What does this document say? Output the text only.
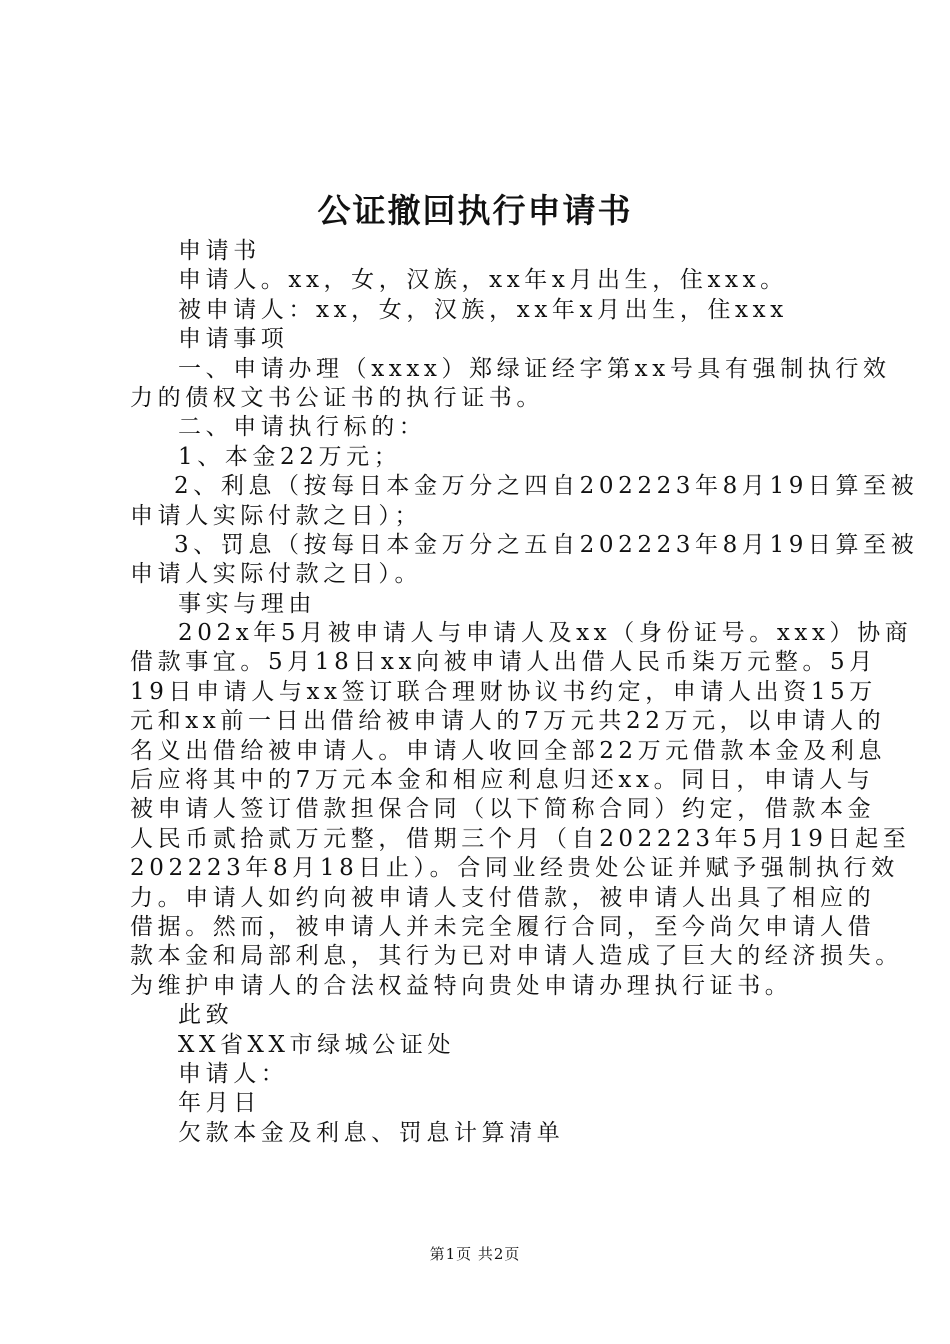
公证撤回执行申请书
申请书
申请人。xx，女，汉族，xx年x月出生，住xxx。
被申请人：xx，女，汉族，xx年x月出生，住xxx
申请事项
一、申请办理（xxxx）郑绿证经字第xx号具有强制执行效
力的债权文书公证书的执行证书。
二、申请执行标的：
1、本金22万元；
2、利息（按每日本金万分之四自202223年8月19日算至被
申请人实际付款之日）；
3、罚息（按每日本金万分之五自202223年8月19日算至被
申请人实际付款之日）。
事实与理由
202x年5月被申请人与申请人及xx（身份证号。xxx）协商
借款事宜。5月18日xx向被申请人出借人民币柒万元整。5月
19日申请人与xx签订联合理财协议书约定，申请人出资15万
元和xx前一日出借给被申请人的7万元共22万元，以申请人的
名义出借给被申请人。申请人收回全部22万元借款本金及利息
后应将其中的7万元本金和相应利息归还xx。同日，申请人与
被申请人签订借款担保合同（以下简称合同）约定，借款本金
人民币贰拾贰万元整，借期三个月（自202223年5月19日起至
202223年8月18日止）。合同业经贵处公证并赋予强制执行效
力。申请人如约向被申请人支付借款，被申请人出具了相应的
借据。然而，被申请人并未完全履行合同，至今尚欠申请人借
款本金和局部利息，其行为已对申请人造成了巨大的经济损失。
为维护申请人的合法权益特向贵处申请办理执行证书。
此致
XX省XX市绿城公证处
申请人：
年月日
欠款本金及利息、罚息计算清单
第1页 共2页
